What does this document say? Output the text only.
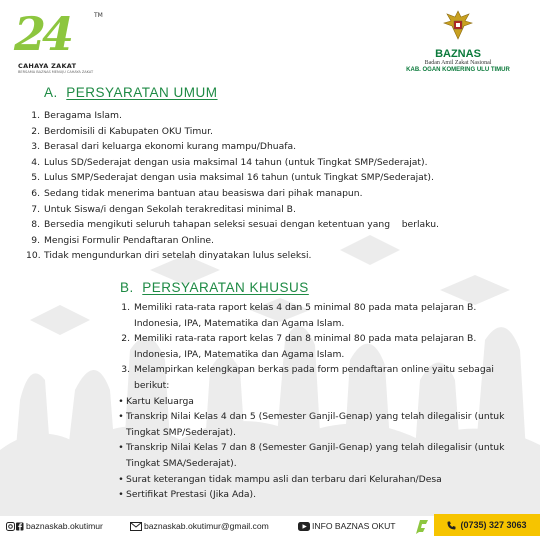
24	TM
CAHAYA ZAKAT
BERSAMA BAZNAS MENUJU CAHAYA ZAKAT
BAZNAS
Badan Amil Zakat Nasional
KAB. OGAN KOMERING ULU TIMUR
A. PERSYARATAN UMUM
1. Beragama Islam.
2. Berdomisili di Kabupaten OKU Timur.
3. Berasal dari keluarga ekonomi kurang mampu/Dhuafa.
4. Lulus SD/Sederajat dengan usia maksimal 14 tahun (untuk Tingkat SMP/Sederajat).
5. Lulus SMP/Sederajat dengan usia maksimal 16 tahun (untuk Tingkat SMP/Sederajat).
6. Sedang tidak menerima bantuan atau beasiswa dari pihak manapun.
7. Untuk Siswa/i dengan Sekolah terakreditasi minimal B.
8. Bersedia mengikuti seluruh tahapan seleksi sesuai dengan ketentuan yang    berlaku.
9. Mengisi Formulir Pendaftaran Online.
10. Tidak mengundurkan diri setelah dinyatakan lulus seleksi.
B. PERSYARATAN KHUSUS
1. Memiliki rata-rata raport kelas 4 dan 5 minimal 80 pada mata pelajaran B. Indonesia, IPA, Matematika dan Agama Islam.
2. Memiliki rata-rata raport kelas 7 dan 8 minimal 80 pada mata pelajaran B. Indonesia, IPA, Matematika dan Agama Islam.
3. Melampirkan kelengkapan berkas pada form pendaftaran online yaitu sebagai berikut:
• Kartu Keluarga
• Transkrip Nilai Kelas 4 dan 5 (Semester Ganjil-Genap) yang telah dilegalisir (untuk Tingkat SMP/Sederajat).
• Transkrip Nilai Kelas 7 dan 8 (Semester Ganjil-Genap) yang telah dilegalisir (untuk Tingkat SMA/Sederajat).
• Surat keterangan tidak mampu asli dan terbaru dari Kelurahan/Desa
• Sertifikat Prestasi (Jika Ada).
baznaskab.okutimur	baznaskab.okutimur@gmail.com	INFO BAZNAS OKUT	(0735) 327 3063
